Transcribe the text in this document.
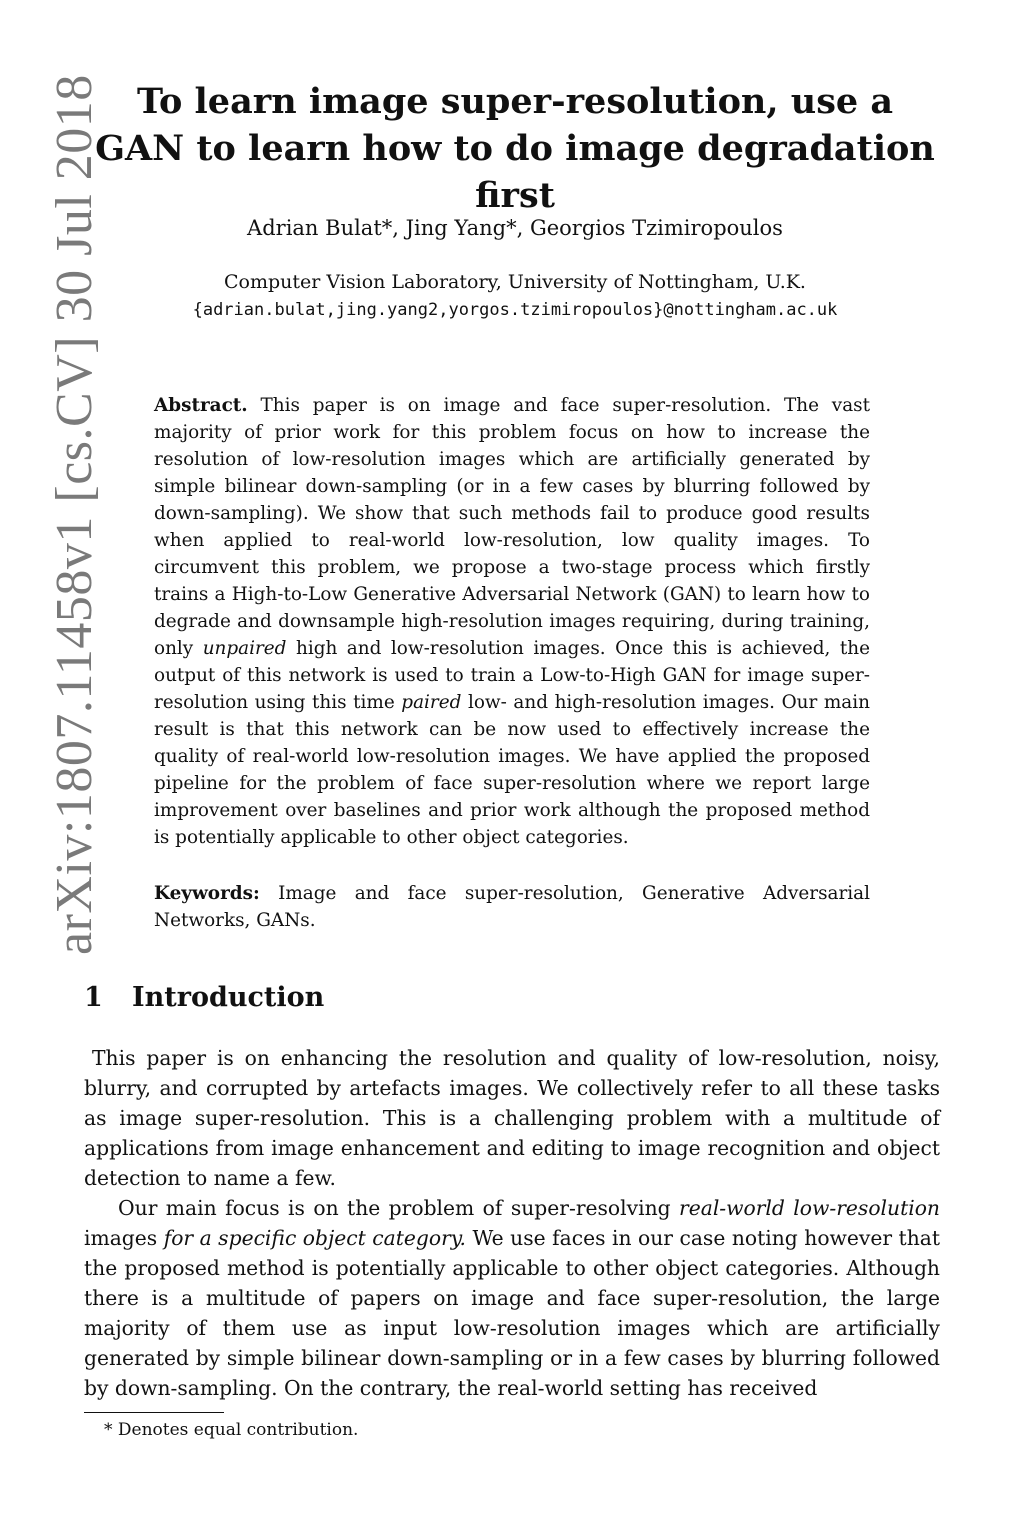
arXiv:1807.11458v1 [cs.CV] 30 Jul 2018 To learn image super-resolution, use a GAN to learn how to do image degradation first
Adrian Bulat*, Jing Yang*, Georgios Tzimiropoulos
Computer Vision Laboratory, University of Nottingham, U.K.
{adrian.bulat,jing.yang2,yorgos.tzimiropoulos}@nottingham.ac.uk

Abstract. This paper is on image and face super-resolution. The vast majority of prior work for this problem focus on how to increase the resolution of low-resolution images which are artificially generated by simple bilinear down-sampling (or in a few cases by blurring followed by down-sampling). We show that such methods fail to produce good results when applied to real-world low-resolution, low quality images. To circumvent this problem, we propose a two-stage process which firstly trains a High-to-Low Generative Adversarial Network (GAN) to learn how to degrade and downsample high-resolution images requiring, during training, only unpaired high and low-resolution images. Once this is achieved, the output of this network is used to train a Low-to-High GAN for image super-resolution using this time paired low- and high-resolution images. Our main result is that this network can be now used to effectively increase the quality of real-world low-resolution images. We have applied the proposed pipeline for the problem of face super-resolution where we report large improvement over baselines and prior work although the proposed method is potentially applicable to other object categories.

Keywords: Image and face super-resolution, Generative Adversarial Networks, GANs.

1 Introduction

This paper is on enhancing the resolution and quality of low-resolution, noisy, blurry, and corrupted by artefacts images. We collectively refer to all these tasks as image super-resolution. This is a challenging problem with a multitude of applications from image enhancement and editing to image recognition and object detection to name a few.

Our main focus is on the problem of super-resolving real-world low-resolution images for a specific object category. We use faces in our case noting however that the proposed method is potentially applicable to other object categories. Although there is a multitude of papers on image and face super-resolution, the large majority of them use as input low-resolution images which are artificially generated by simple bilinear down-sampling or in a few cases by blurring followed by down-sampling. On the contrary, the real-world setting has received

* Denotes equal contribution.
